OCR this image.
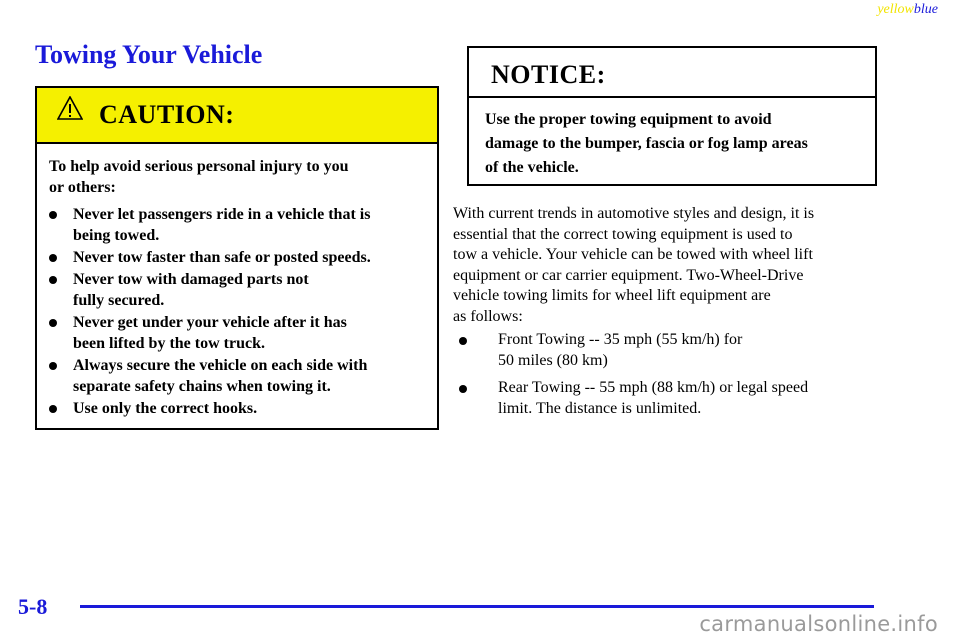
yellowblue
Towing Your Vehicle
CAUTION:

To help avoid serious personal injury to you
or others:

Never let passengers ride in a vehicle that is
being towed.
Never tow faster than safe or posted speeds.
Never tow with damaged parts not
fully secured.
Never get under your vehicle after it has
been lifted by the tow truck.
Always secure the vehicle on each side with
separate safety chains when towing it.
Use only the correct hooks.
NOTICE:
Use the proper towing equipment to avoid
damage to the bumper, fascia or fog lamp areas
of the vehicle.

With current trends in automotive styles and design, it is
essential that the correct towing equipment is used to
tow a vehicle. Your vehicle can be towed with wheel lift
equipment or car carrier equipment. Two-Wheel-Drive
vehicle towing limits for wheel lift equipment are
as follows:

Front Towing -- 35 mph (55 km/h) for
50 miles (80 km)
Rear Towing -- 55 mph (88 km/h) or legal speed
limit. The distance is unlimited.
5-8
carmanualsonline.info
